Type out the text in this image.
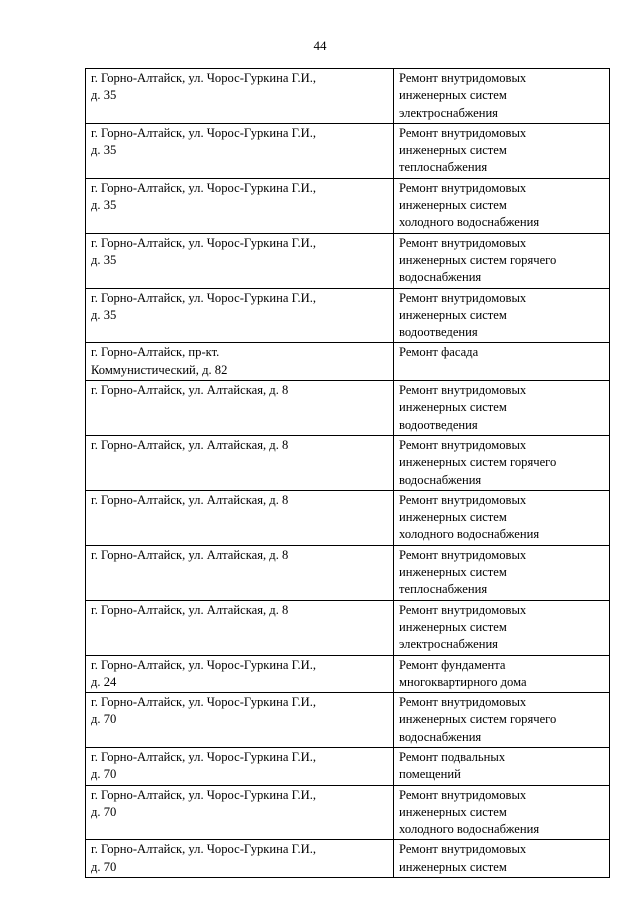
44
г. Горно-Алтайск, ул. Чорос-Гуркина Г.И.,
д. 35	Ремонт внутридомовых
инженерных систем
электроснабжения

г. Горно-Алтайск, ул. Чорос-Гуркина Г.И.,
д. 35	Ремонт внутридомовых
инженерных систем
теплоснабжения

г. Горно-Алтайск, ул. Чорос-Гуркина Г.И.,
д. 35	Ремонт внутридомовых
инженерных систем
холодного водоснабжения

г. Горно-Алтайск, ул. Чорос-Гуркина Г.И.,
д. 35	Ремонт внутридомовых
инженерных систем горячего
водоснабжения

г. Горно-Алтайск, ул. Чорос-Гуркина Г.И.,
д. 35	Ремонт внутридомовых
инженерных систем
водоотведения

г. Горно-Алтайск, пр-кт.
Коммунистический, д. 82	Ремонт фасада

г. Горно-Алтайск, ул. Алтайская, д. 8	Ремонт внутридомовых
инженерных систем
водоотведения

г. Горно-Алтайск, ул. Алтайская, д. 8	Ремонт внутридомовых
инженерных систем горячего
водоснабжения

г. Горно-Алтайск, ул. Алтайская, д. 8	Ремонт внутридомовых
инженерных систем
холодного водоснабжения

г. Горно-Алтайск, ул. Алтайская, д. 8	Ремонт внутридомовых
инженерных систем
теплоснабжения

г. Горно-Алтайск, ул. Алтайская, д. 8	Ремонт внутридомовых
инженерных систем
электроснабжения

г. Горно-Алтайск, ул. Чорос-Гуркина Г.И.,
д. 24	Ремонт фундамента
многоквартирного дома

г. Горно-Алтайск, ул. Чорос-Гуркина Г.И.,
д. 70	Ремонт внутридомовых
инженерных систем горячего
водоснабжения

г. Горно-Алтайск, ул. Чорос-Гуркина Г.И.,
д. 70	Ремонт подвальных
помещений

г. Горно-Алтайск, ул. Чорос-Гуркина Г.И.,
д. 70	Ремонт внутридомовых
инженерных систем
холодного водоснабжения

г. Горно-Алтайск, ул. Чорос-Гуркина Г.И.,
д. 70	Ремонт внутридомовых
инженерных систем
